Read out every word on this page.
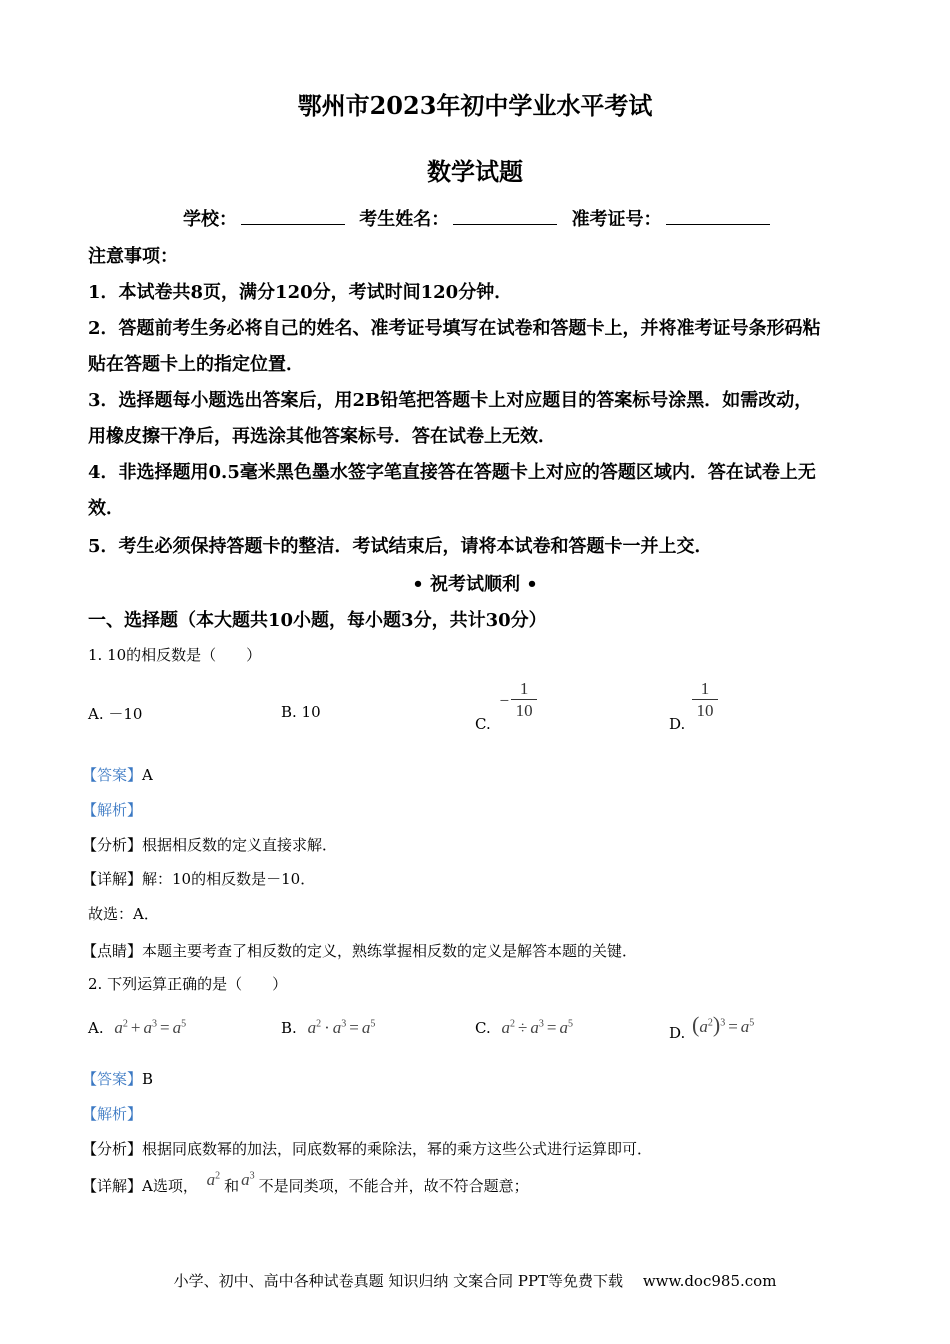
鄂州市2023年初中学业水平考试
数学试题
学校：	考生姓名：	准考证号：
注意事项：
1．本试卷共8页，满分120分，考试时间120分钟．
2．答题前考生务必将自己的姓名、准考证号填写在试卷和答题卡上，并将准考证号条形码粘
贴在答题卡上的指定位置．
3．选择题每小题选出答案后，用2B铅笔把答题卡上对应题目的答案标号涂黑．如需改动，
用橡皮擦干净后，再选涂其他答案标号．答在试卷上无效．
4．非选择题用0.5毫米黑色墨水签字笔直接答在答题卡上对应的答题区域内．答在试卷上无
效．
5．考生必须保持答题卡的整洁．考试结束后，请将本试卷和答题卡一并上交．
• 祝考试顺利 •
一、选择题（本大题共10小题，每小题3分，共计30分）
1. 10的相反数是（　　）
A. －10	B. 10
C.
− $\frac{1}{10}$
D.
$\frac{1}{10}$
【答案】A
【解析】
【分析】根据相反数的定义直接求解．
【详解】解：10的相反数是－10．
故选：A．
【点睛】本题主要考查了相反数的定义，熟练掌握相反数的定义是解答本题的关键．
2. 下列运算正确的是（　　）
A. $a^2 + a^3 = a^5$	B. $a^2 \cdot a^3 = a^5$	C. $a^2 \div a^3 = a^5$
D. $(a^2)^3 = a^5$
【答案】B
【解析】
【分析】根据同底数幂的加法，同底数幂的乘除法，幂的乘方这些公式进行运算即可．
【详解】A选项， $a^2$和 $a^3$不是同类项，不能合并，故不符合题意；
小学、初中、高中各种试卷真题 知识归纳 文案合同 PPT等免费下载　 www.doc985.com
